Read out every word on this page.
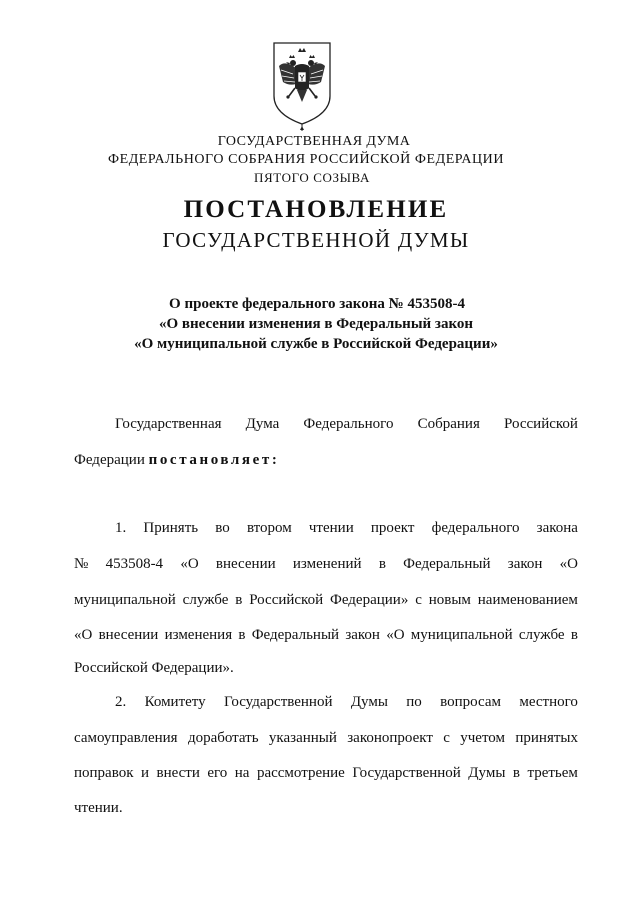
ГОСУДАРСТВЕННАЯ ДУМА
ФЕДЕРАЛЬНОГО СОБРАНИЯ РОССИЙСКОЙ ФЕДЕРАЦИИ
ПЯТОГО СОЗЫВА
ПОСТАНОВЛЕНИЕ
ГОСУДАРСТВЕННОЙ ДУМЫ
О проекте федерального закона № 453508-4
«О внесении изменения в Федеральный закон
«О муниципальной службе в Российской Федерации»
Государственная Дума Федерального Собрания Российской
Федерации постановляет:
1. Принять во втором чтении проект федерального закона
№ 453508-4 «О внесении изменений в Федеральный закон «О
муниципальной службе в Российской Федерации» с новым наименованием
«О внесении изменения в Федеральный закон «О муниципальной службе в
Российской Федерации».
2. Комитету Государственной Думы по вопросам местного
самоуправления доработать указанный законопроект с учетом принятых
поправок и внести его на рассмотрение Государственной Думы в третьем
чтении.
